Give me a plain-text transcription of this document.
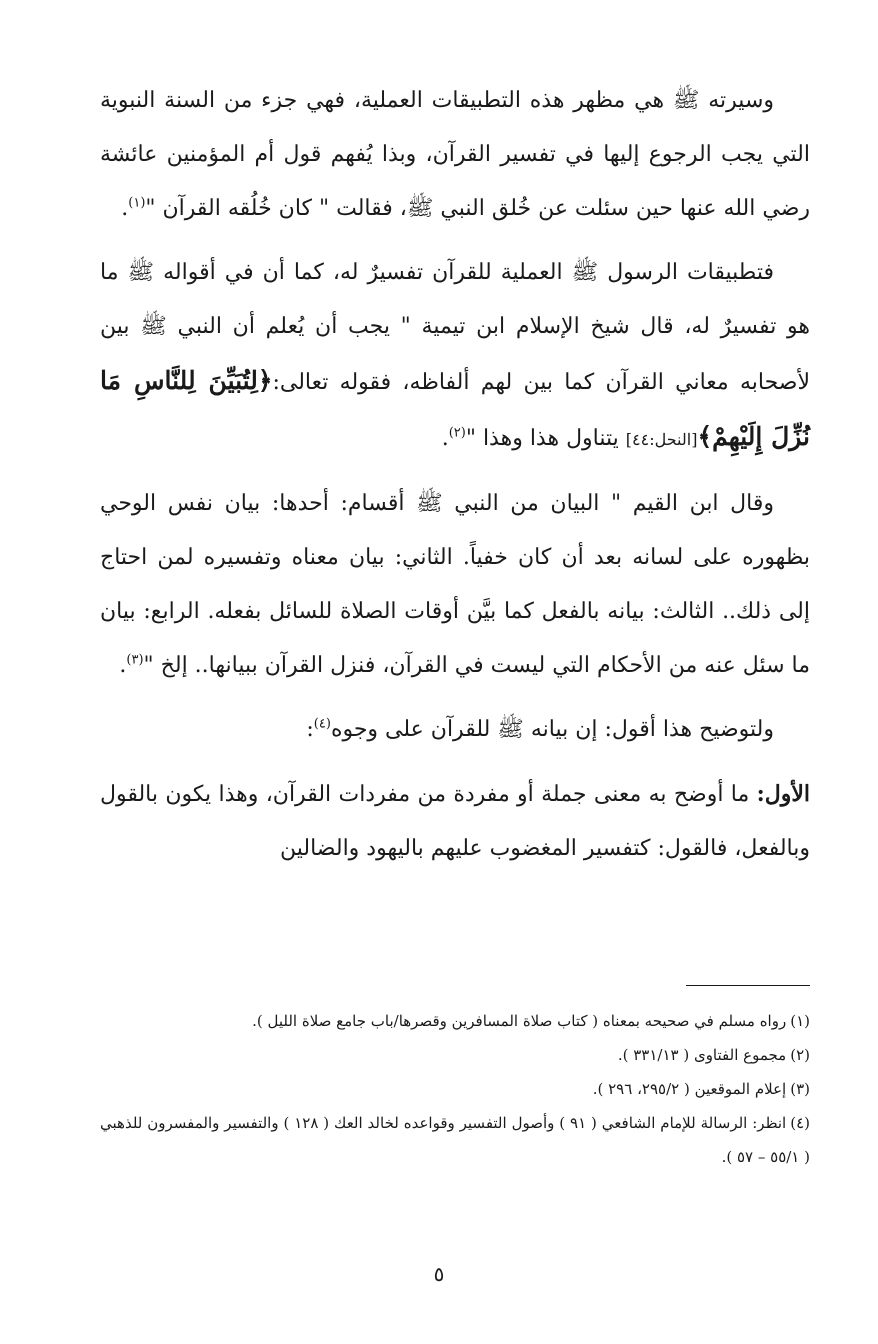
وسيرته ﷺ هي مظهر هذه التطبيقات العملية، فهي جزء من السنة النبوية التي يجب الرجوع إليها في تفسير القرآن، وبذا يُفهم قول أم المؤمنين عائشة رضي الله عنها حين سئلت عن خُلق النبي ﷺ، فقالت " كان خُلُقه القرآن "$^{(١)}$.

فتطبيقات الرسول ﷺ العملية للقرآن تفسيرٌ له، كما أن في أقواله ﷺ ما هو تفسيرٌ له، قال شيخ الإسلام ابن تيمية " يجب أن يُعلم أن النبي ﷺ بين لأصحابه معاني القرآن كما بين لهم ألفاظه، فقوله تعالى:﴿لِتُبَيِّنَ لِلنَّاسِ مَا نُزِّلَ إِلَيْهِمْ﴾[النحل:٤٤] يتناول هذا وهذا "$^{(٢)}$.

وقال ابن القيم " البيان من النبي ﷺ أقسام: أحدها: بيان نفس الوحي بظهوره على لسانه بعد أن كان خفياً. الثاني: بيان معناه وتفسيره لمن احتاج إلى ذلك.. الثالث: بيانه بالفعل كما بيَّن أوقات الصلاة للسائل بفعله. الرابع: بيان ما سئل عنه من الأحكام التي ليست في القرآن، فنزل القرآن ببيانها.. إلخ "$^{(٣)}$.

ولتوضيح هذا أقول: إن بيانه ﷺ للقرآن على وجوه$^{(٤)}$:

الأول: ما أوضح به معنى جملة أو مفردة من مفردات القرآن، وهذا يكون بالقول وبالفعل، فالقول: كتفسير المغضوب عليهم باليهود والضالين

(١)رواه مسلم في صحيحه بمعناه ( كتاب صلاة المسافرين وقصرها/باب جامع صلاة الليل ).

(٢)مجموع الفتاوى ( ٣٣١/١٣ ).

(٣)إعلام الموقعين ( ٢٩٥/٢، ٢٩٦ ).

(٤)انظر: الرسالة للإمام الشافعي ( ٩١ ) وأصول التفسير وقواعده لخالد العك ( ١٢٨ ) والتفسير والمفسرون للذهبي ( ٥٥/١ – ٥٧ ).

٥
